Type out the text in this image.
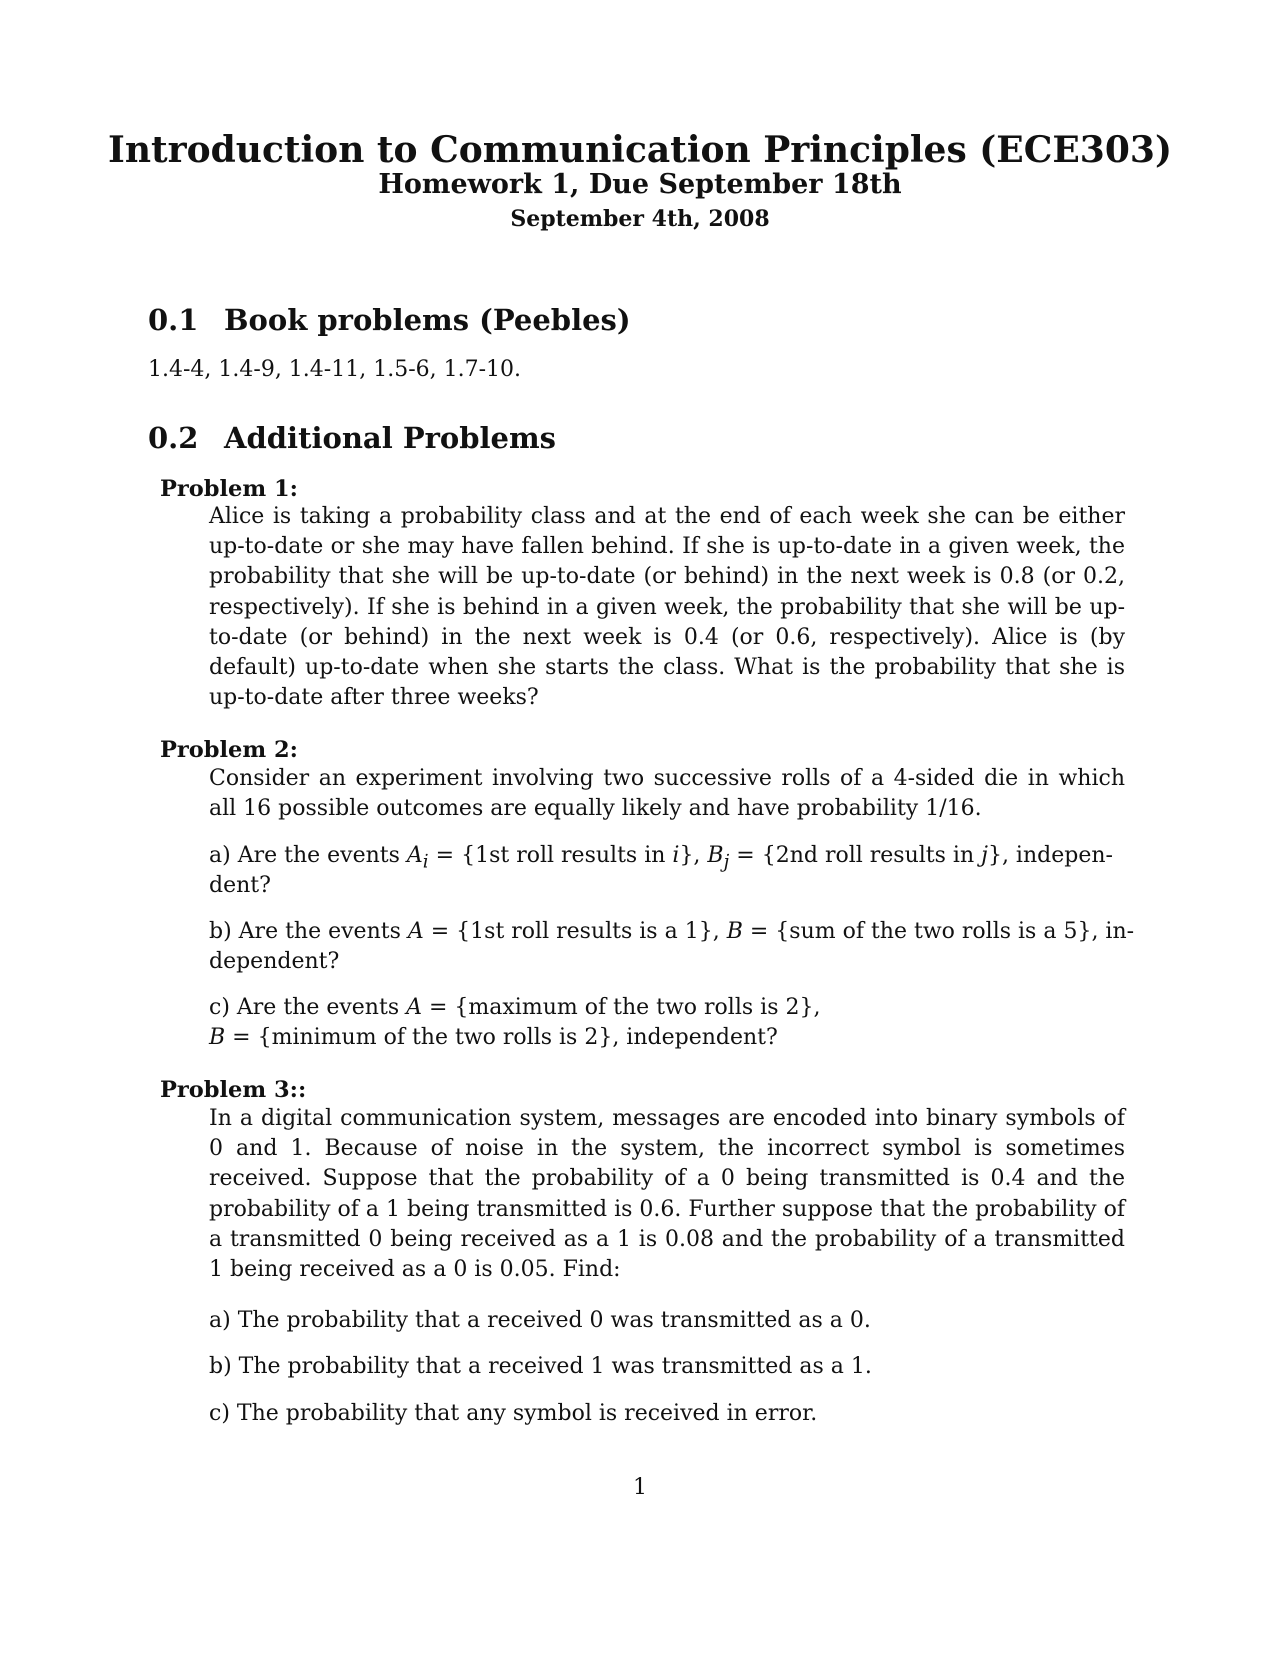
Introduction to Communication Principles (ECE303)
Homework 1, Due September 18th
September 4th, 2008
0.1 Book problems (Peebles)
1.4-4, 1.4-9, 1.4-11, 1.5-6, 1.7-10.
0.2 Additional Problems
Problem 1:
Alice is taking a probability class and at the end of each week she can be either up-to-date or she may have fallen behind. If she is up-to-date in a given week, the probability that she will be up-to-date (or behind) in the next week is 0.8 (or 0.2, respectively). If she is behind in a given week, the probability that she will be up-to-date (or behind) in the next week is 0.4 (or 0.6, respectively). Alice is (by default) up-to-date when she starts the class. What is the probability that she is up-to-date after three weeks?
Problem 2:
Consider an experiment involving two successive rolls of a 4-sided die in which all 16 possible outcomes are equally likely and have probability 1/16.
a) Are the events $A_i = \{1st$ roll results in i}, $B_j = \{2nd$ roll results in j}, indepen-
dent?
b) Are the events A = {1st roll results is a 1}, B = {sum of the two rolls is a 5}, in-
dependent?
c) Are the events A = {maximum of the two rolls is 2},
B = {minimum of the two rolls is 2}, independent?
Problem 3::
In a digital communication system, messages are encoded into binary symbols of 0 and 1. Because of noise in the system, the incorrect symbol is sometimes received. Suppose that the probability of a 0 being transmitted is 0.4 and the probability of a 1 being transmitted is 0.6. Further suppose that the probability of a transmitted 0 being received as a 1 is 0.08 and the probability of a transmitted 1 being received as a 0 is 0.05. Find:
a) The probability that a received 0 was transmitted as a 0.
b) The probability that a received 1 was transmitted as a 1.
c) The probability that any symbol is received in error.
1
